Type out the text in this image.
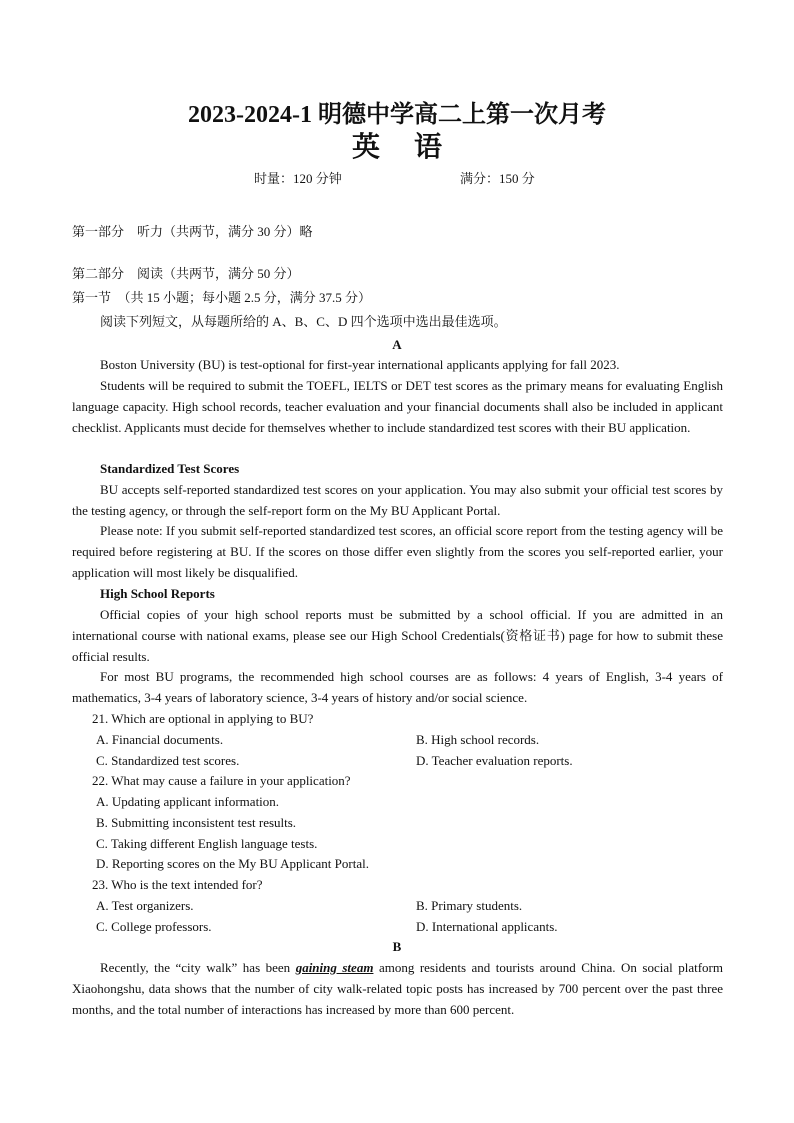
2023-2024-1 明德中学高二上第一次月考
英语
时量：120 分钟	满分：150 分

第一部分　听力（共两节，满分 30 分）略

第二部分　阅读（共两节，满分 50 分）

第一节　（共 15 小题；每小题 2.5 分，满分 37.5 分）

阅读下列短文，从每题所给的 A、B、C、D 四个选项中选出最佳选项。

A

Boston University (BU) is test-optional for first-year international applicants applying for fall 2023.

Students will be required to submit the TOEFL, IELTS or DET test scores as the primary means for evaluating English language capacity. High school records, teacher evaluation and your financial documents shall also be included in applicant checklist. Applicants must decide for themselves whether to include standardized test scores with their BU application.

Standardized Test Scores

BU accepts self-reported standardized test scores on your application. You may also submit your official test scores by the testing agency, or through the self-report form on the My BU Applicant Portal.

Please note: If you submit self-reported standardized test scores, an official score report from the testing agency will be required before registering at BU. If the scores on those differ even slightly from the scores you self-reported earlier, your application will most likely be disqualified.

High School Reports

Official copies of your high school reports must be submitted by a school official. If you are admitted in an international course with national exams, please see our High School Credentials(资格证书) page for how to submit these official results.

For most BU programs, the recommended high school courses are as follows: 4 years of English, 3-4 years of mathematics, 3-4 years of laboratory science, 3-4 years of history and/or social science.

21. Which are optional in applying to BU?

A. Financial documents.	B. High school records.

C. Standardized test scores.	D. Teacher evaluation reports.

22. What may cause a failure in your application?

A. Updating applicant information.

B. Submitting inconsistent test results.

C. Taking different English language tests.

D. Reporting scores on the My BU Applicant Portal.

23. Who is the text intended for?

A. Test organizers.	B. Primary students.

C. College professors.	D. International applicants.

B

Recently, the “city walk” has been gaining steam among residents and tourists around China. On social platform Xiaohongshu, data shows that the number of city walk-related topic posts has increased by 700 percent over the past three months, and the total number of interactions has increased by more than 600 percent.
